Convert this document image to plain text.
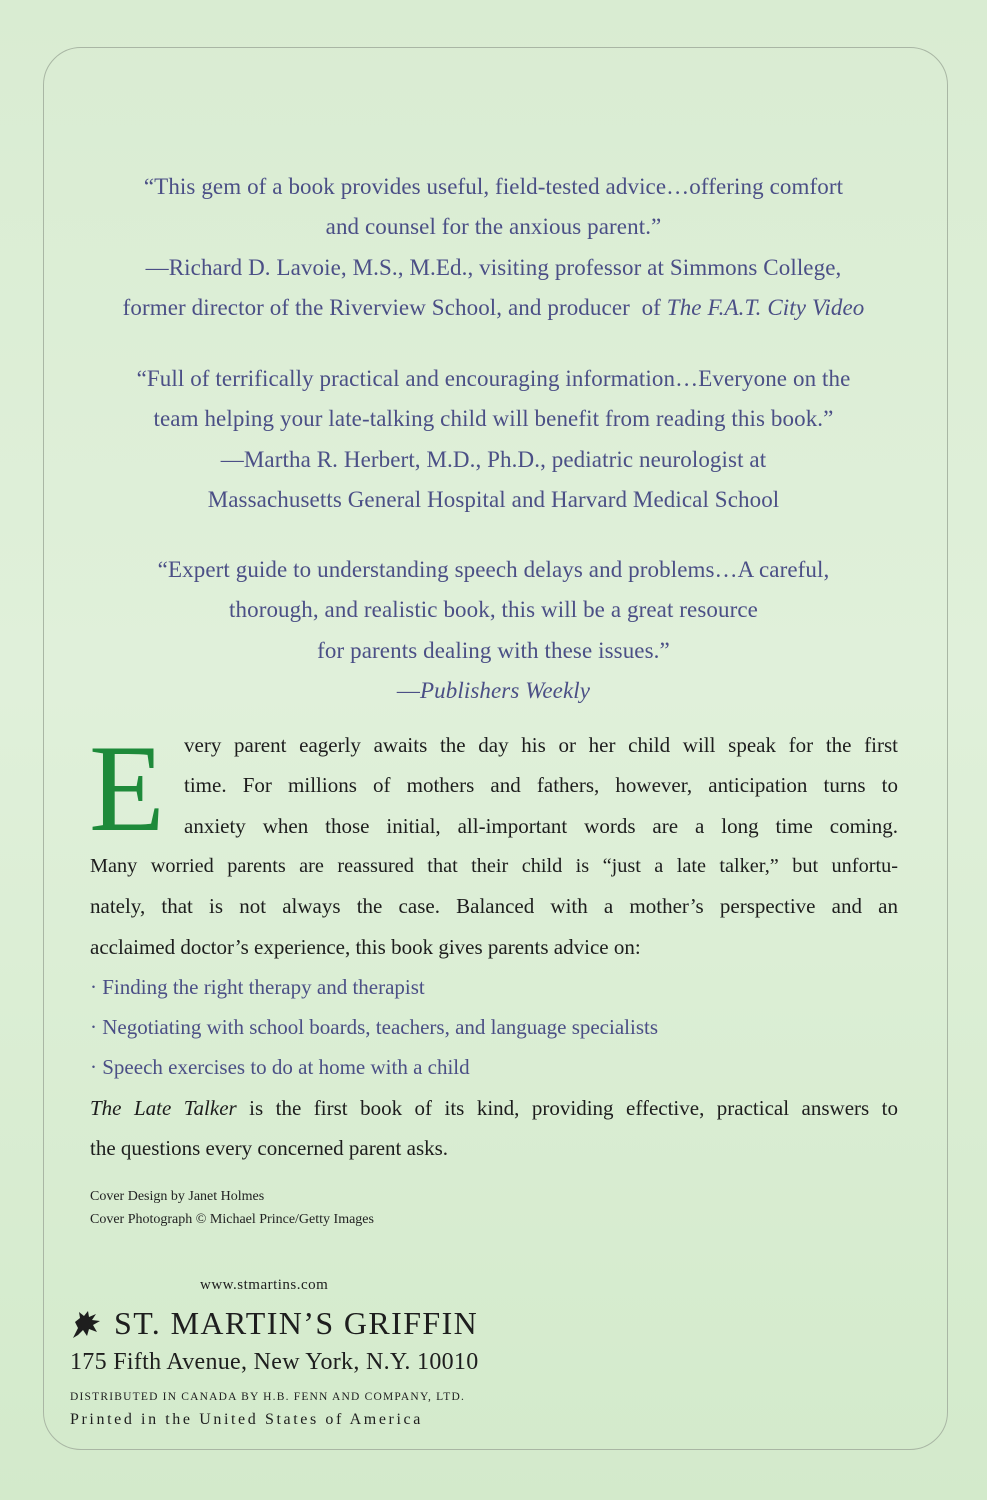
“This gem of a book provides useful, field-tested advice…offering comfort
and counsel for the anxious parent.”
—Richard D. Lavoie, M.S., M.Ed., visiting professor at Simmons College,
former director of the Riverview School, and producer  of The F.A.T. City Video
“Full of terrifically practical and encouraging information…Everyone on the
team helping your late-talking child will benefit from reading this book.”
—Martha R. Herbert, M.D., Ph.D., pediatric neurologist at
Massachusetts General Hospital and Harvard Medical School
“Expert guide to understanding speech delays and problems…A careful,
thorough, and realistic book, this will be a great resource
for parents dealing with these issues.”
—Publishers Weekly
E very parent eagerly awaits the day his or her child will speak for the first
time. For millions of mothers and fathers, however, anticipation turns to
anxiety when those initial, all-important words are a long time coming.
Many worried parents are reassured that their child is “just a late talker,” but unfortu-
nately, that is not always the case. Balanced with a mother’s perspective and an
acclaimed doctor’s experience, this book gives parents advice on:
· Finding the right therapy and therapist
· Negotiating with school boards, teachers, and language specialists
· Speech exercises to do at home with a child
The Late Talker is the first book of its kind, providing effective, practical answers to
the questions every concerned parent asks.
Cover Design by Janet Holmes
Cover Photograph © Michael Prince/Getty Images
www.stmartins.com
ST. MARTIN’S GRIFFIN
175 Fifth Avenue, New York, N.Y. 10010
DISTRIBUTED IN CANADA BY H.B. FENN AND COMPANY, LTD.
Printed in the United States of America
